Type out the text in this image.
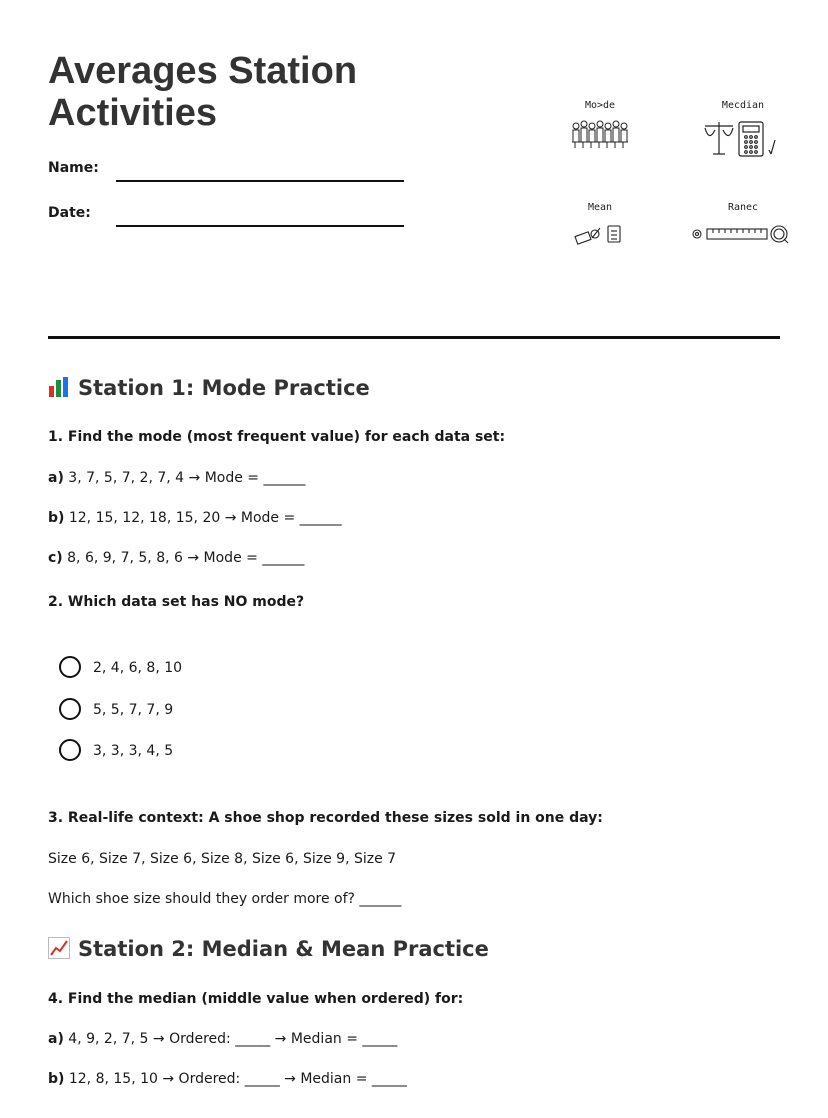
Averages Station Activities
Name:
Date:
Mo>de	Mecdian
Mean	Ranec
Station 1: Mode Practice

1. Find the mode (most frequent value) for each data set:

a) 3, 7, 5, 7, 2, 7, 4 → Mode = ______

b) 12, 15, 12, 18, 15, 20 → Mode = ______

c) 8, 6, 9, 7, 5, 8, 6 → Mode = ______

2. Which data set has NO mode?

2, 4, 6, 8, 10
5, 5, 7, 7, 9
3, 3, 3, 4, 5

3. Real-life context: A shoe shop recorded these sizes sold in one day:

Size 6, Size 7, Size 6, Size 8, Size 6, Size 9, Size 7

Which shoe size should they order more of? ______

Station 2: Median & Mean Practice

4. Find the median (middle value when ordered) for:

a) 4, 9, 2, 7, 5 → Ordered: _____ → Median = _____

b) 12, 8, 15, 10 → Ordered: _____ → Median = _____
